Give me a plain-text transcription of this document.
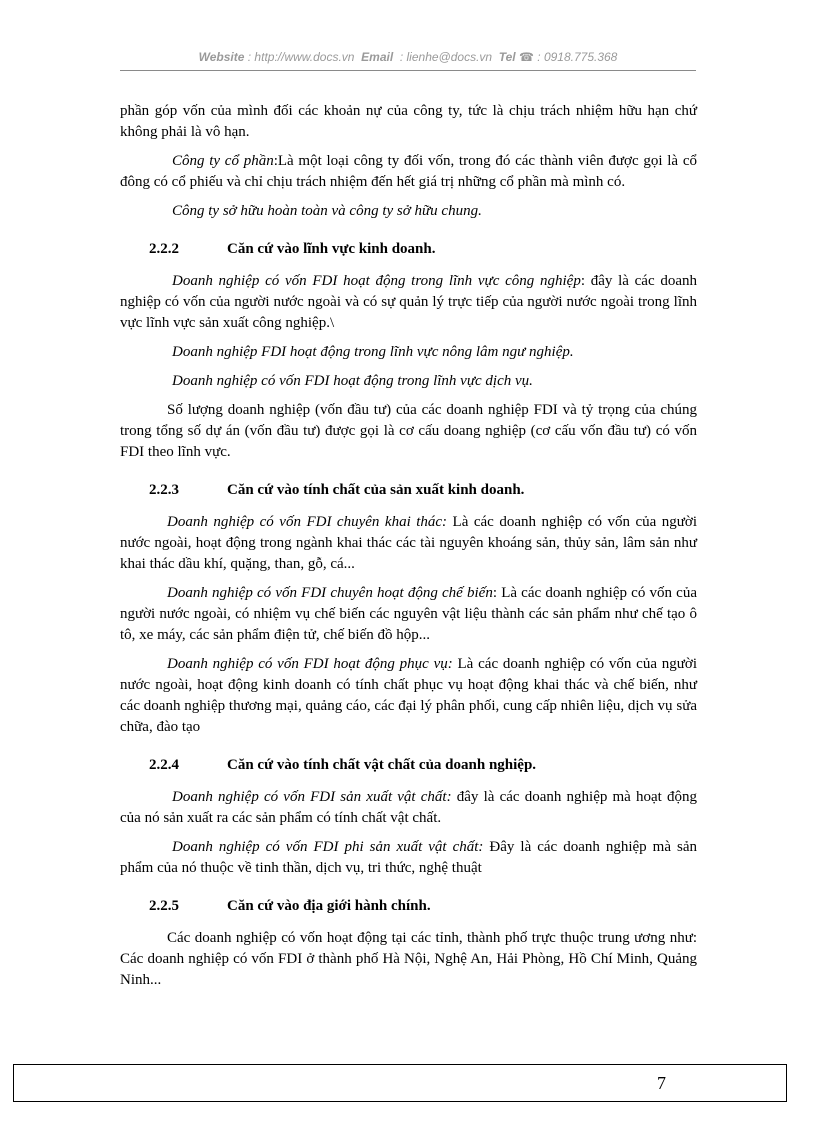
Website : http://www.docs.vn Email : lienhe@docs.vn Tel ☎ : 0918.775.368

phần góp vốn của mình đối các khoản nự của công ty, tức là chịu trách nhiệm hữu hạn chứ không phải là vô hạn.

Công ty cổ phần:Là một loại công ty đối vốn, trong đó các thành viên được gọi là cổ đông có cổ phiếu và chỉ chịu trách nhiệm đến hết giá trị những cổ phần mà mình có.

Công ty sở hữu hoàn toàn và công ty sở hữu chung.

2.2.2	Căn cứ vào lĩnh vực kinh doanh.

Doanh nghiệp có vốn FDI hoạt động trong lĩnh vực công nghiệp: đây là các doanh nghiệp có vốn của người nước ngoài và có sự quản lý trực tiếp của người nước ngoài trong lĩnh vực lĩnh vực sản xuất công nghiệp.\

Doanh nghiệp FDI hoạt động trong lĩnh vực nông lâm ngư nghiệp.

Doanh nghiệp có vốn FDI hoạt động trong lĩnh vực dịch vụ.

Số lượng doanh nghiệp (vốn đầu tư) của các doanh nghiệp FDI và tỷ trọng của chúng trong tổng số dự án (vốn đầu tư) được gọi là cơ cấu doang nghiệp (cơ cấu vốn đầu tư) có vốn FDI theo lĩnh vực.

2.2.3	Căn cứ vào tính chất của sản xuất kinh doanh.

Doanh nghiệp có vốn FDI chuyên khai thác: Là các doanh nghiệp có vốn của người nước ngoài, hoạt động trong ngành khai thác các tài nguyên khoáng sản, thủy sản, lâm sản như khai thác dầu khí, quặng, than, gỗ, cá...

Doanh nghiệp có vốn FDI chuyên hoạt động chế biến: Là các doanh nghiệp có vốn của người nước ngoài, có nhiệm vụ chế biến các nguyên vật liệu thành các sản phẩm như chế tạo ô tô, xe máy, các sản phẩm điện tử, chế biến đồ hộp...

Doanh nghiệp có vốn FDI hoạt động phục vụ: Là các doanh nghiệp có vốn của người nước ngoài, hoạt động kinh doanh có tính chất phục vụ hoạt động khai thác và chế biến, như các doanh nghiệp thương mại, quảng cáo, các đại lý phân phối, cung cấp nhiên liệu, dịch vụ sửa chữa, đào tạo

2.2.4	Căn cứ vào tính chất vật chất của doanh nghiệp.

Doanh nghiệp có vốn FDI sản xuất vật chất: đây là các doanh nghiệp mà hoạt động của nó sản xuất ra các sản phẩm có tính chất vật chất.

Doanh nghiệp có vốn FDI phi sản xuất vật chất: Đây là các doanh nghiệp mà sản phẩm của nó thuộc về tinh thần, dịch vụ, tri thức, nghệ thuật

2.2.5	Căn cứ vào địa giới hành chính.

Các doanh nghiệp có vốn hoạt động tại các tỉnh, thành phố trực thuộc trung ương như: Các doanh nghiệp có vốn FDI ở thành phố Hà Nội, Nghệ An, Hải Phòng, Hồ Chí Minh, Quảng Ninh...

7
